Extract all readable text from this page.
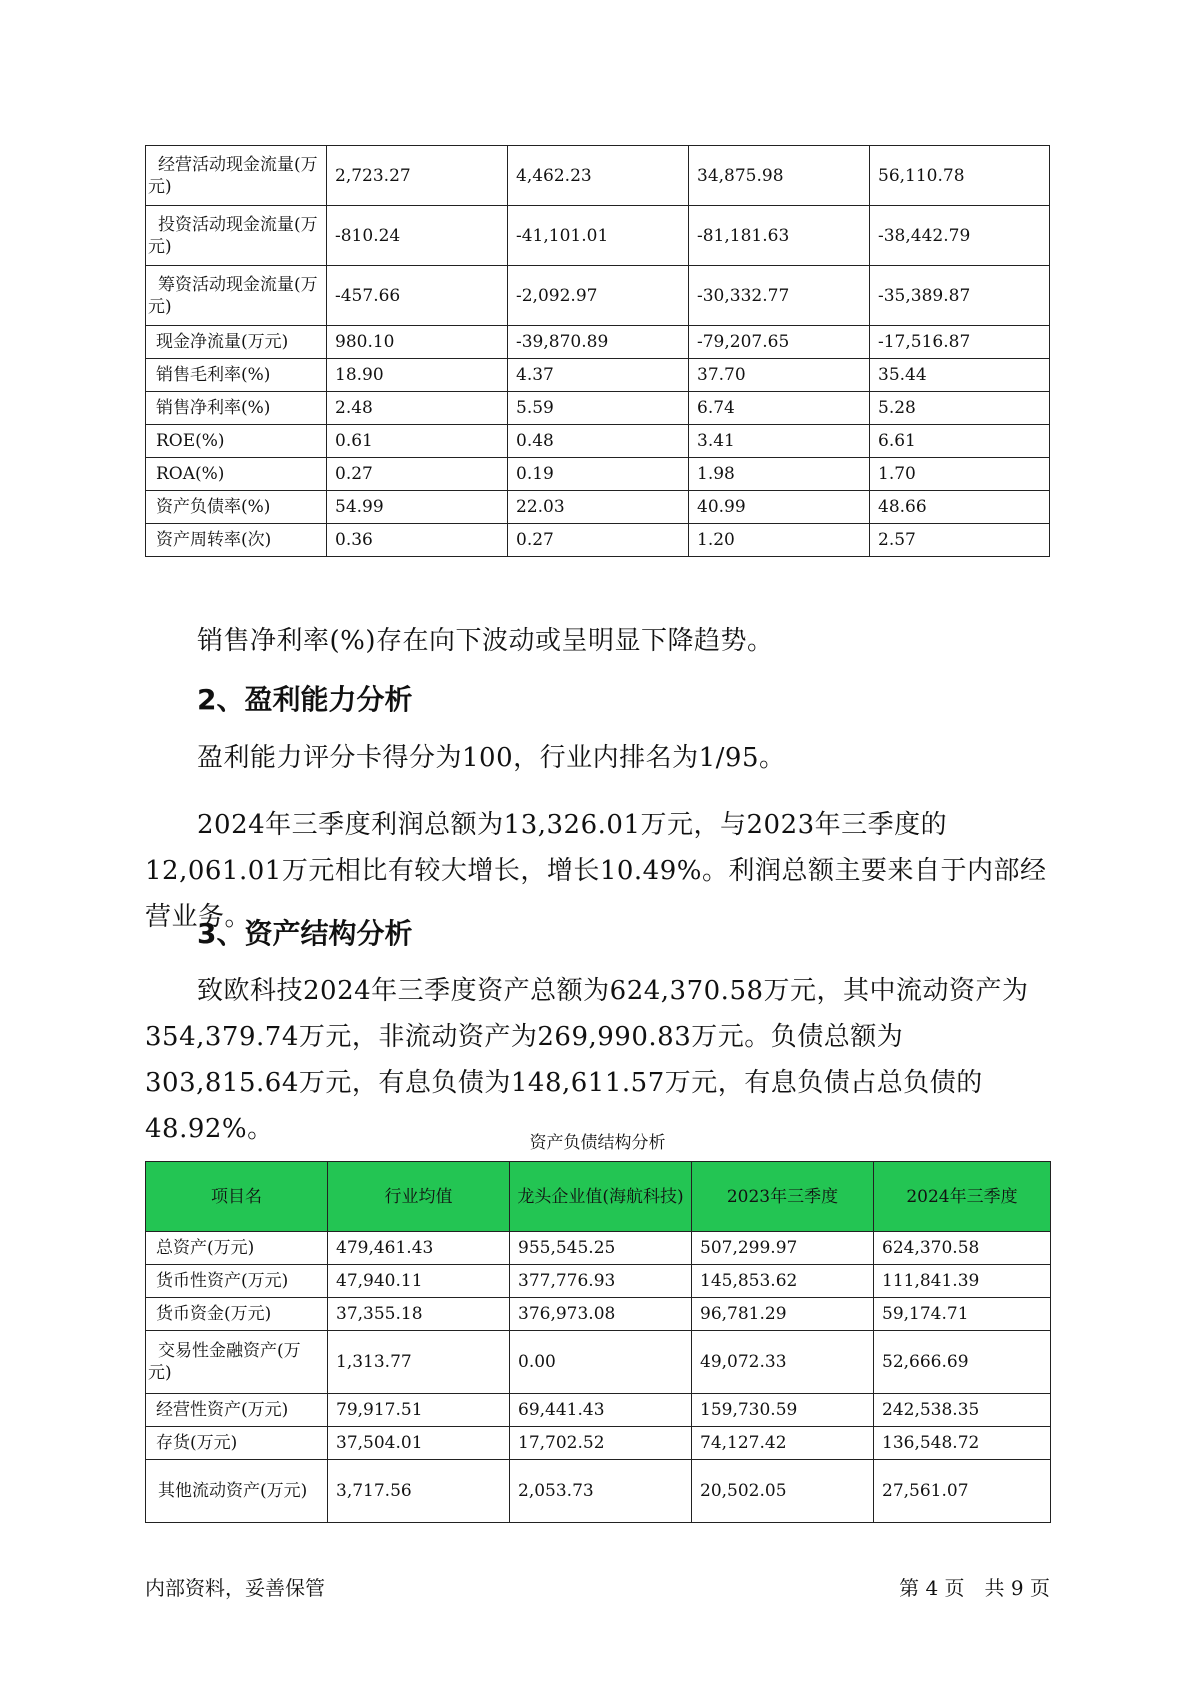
经营活动现金流量(万元)	2,723.27	4,462.23	34,875.98	56,110.78
投资活动现金流量(万元)	-810.24	-41,101.01	-81,181.63	-38,442.79
筹资活动现金流量(万元)	-457.66	-2,092.97	-30,332.77	-35,389.87
现金净流量(万元)	980.10	-39,870.89	-79,207.65	-17,516.87
销售毛利率(%)	18.90	4.37	37.70	35.44
销售净利率(%)	2.48	5.59	6.74	5.28
ROE(%)	0.61	0.48	3.41	6.61
ROA(%)	0.27	0.19	1.98	1.70
资产负债率(%)	54.99	22.03	40.99	48.66
资产周转率(次)	0.36	0.27	1.20	2.57
销售净利率(%)存在向下波动或呈明显下降趋势。
2、盈利能力分析
盈利能力评分卡得分为100，行业内排名为1/95。
2024年三季度利润总额为13,326.01万元，与2023年三季度的12,061.01万元相比有较大增长，增长10.49%。利润总额主要来自于内部经营业务。
3、资产结构分析
致欧科技2024年三季度资产总额为624,370.58万元，其中流动资产为354,379.74万元，非流动资产为269,990.83万元。负债总额为303,815.64万元，有息负债为148,611.57万元，有息负债占总负债的48.92%。	资产负债结构分析
项目名	行业均值	龙头企业值(海航科技)	2023年三季度	2024年三季度
总资产(万元)	479,461.43	955,545.25	507,299.97	624,370.58
货币性资产(万元)	47,940.11	377,776.93	145,853.62	111,841.39
货币资金(万元)	37,355.18	376,973.08	96,781.29	59,174.71
交易性金融资产(万元)	1,313.77	0.00	49,072.33	52,666.69
经营性资产(万元)	79,917.51	69,441.43	159,730.59	242,538.35
存货(万元)	37,504.01	17,702.52	74,127.42	136,548.72
其他流动资产(万元)	3,717.56	2,053.73	20,502.05	27,561.07
内部资料，妥善保管	第 4 页　共 9 页
